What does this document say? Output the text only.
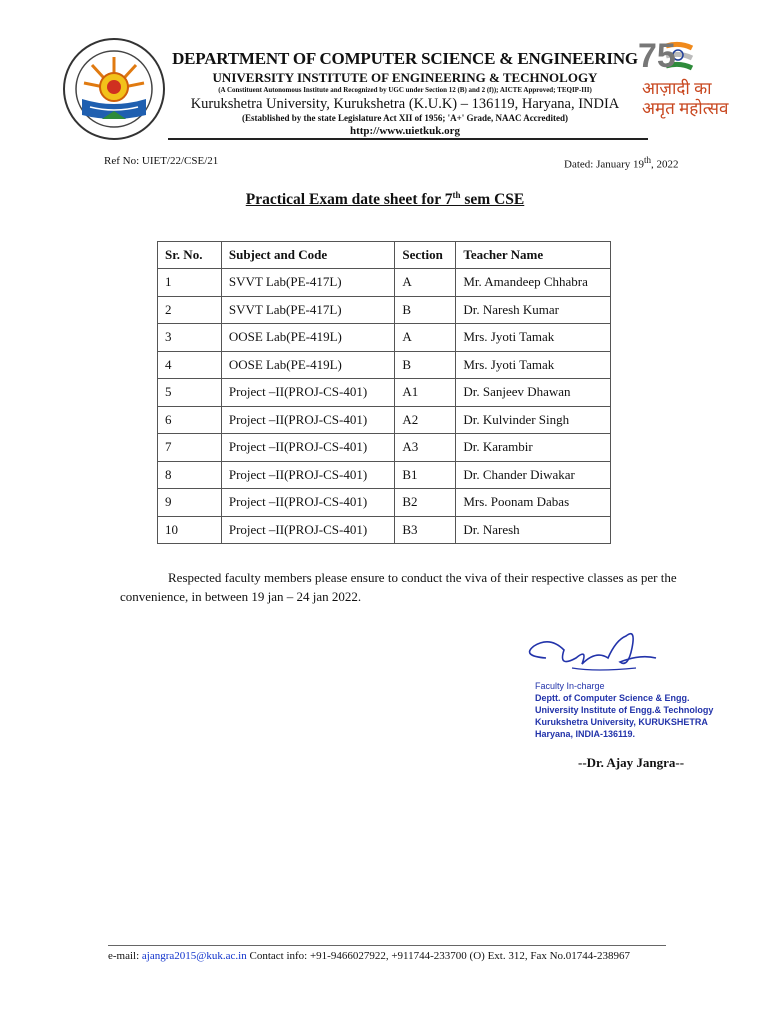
75
आज़ादी का
अमृत महोत्सव
DEPARTMENT OF COMPUTER SCIENCE & ENGINEERING
UNIVERSITY INSTITUTE OF ENGINEERING & TECHNOLOGY
(A Constituent Autonomous Institute and Recognized by UGC under Section 12 (B) and 2 (f)); AICTE Approved; TEQIP-III)
Kurukshetra University, Kurukshetra (K.U.K) – 136119, Haryana, INDIA
(Established by the state Legislature Act XII of 1956; 'A+' Grade, NAAC Accredited)
http://www.uietkuk.org
Ref No: UIET/22/CSE/21	Dated: January 19th, 2022
Practical Exam date sheet for 7th sem CSE
Sr. No.	Subject and Code	Section	Teacher Name
1	SVVT Lab(PE-417L)	A	Mr. Amandeep Chhabra
2	SVVT Lab(PE-417L)	B	Dr. Naresh Kumar
3	OOSE Lab(PE-419L)	A	Mrs. Jyoti Tamak
4	OOSE Lab(PE-419L)	B	Mrs. Jyoti Tamak
5	Project –II(PROJ-CS-401)	A1	Dr. Sanjeev Dhawan
6	Project –II(PROJ-CS-401)	A2	Dr. Kulvinder Singh
7	Project –II(PROJ-CS-401)	A3	Dr. Karambir
8	Project –II(PROJ-CS-401)	B1	Dr. Chander Diwakar
9	Project –II(PROJ-CS-401)	B2	Mrs. Poonam Dabas
10	Project –II(PROJ-CS-401)	B3	Dr. Naresh
Respected faculty members please ensure to conduct the viva of their respective classes as per the convenience, in between 19 jan – 24 jan 2022.
Faculty In-charge
Deptt. of Computer Science & Engg.
University Institute of Engg.& Technology
Kurukshetra University, KURUKSHETRA
Haryana, INDIA-136119.
--Dr. Ajay Jangra--
e-mail: ajangra2015@kuk.ac.in Contact info: +91-9466027922, +911744-233700 (O) Ext. 312, Fax No.01744-238967
